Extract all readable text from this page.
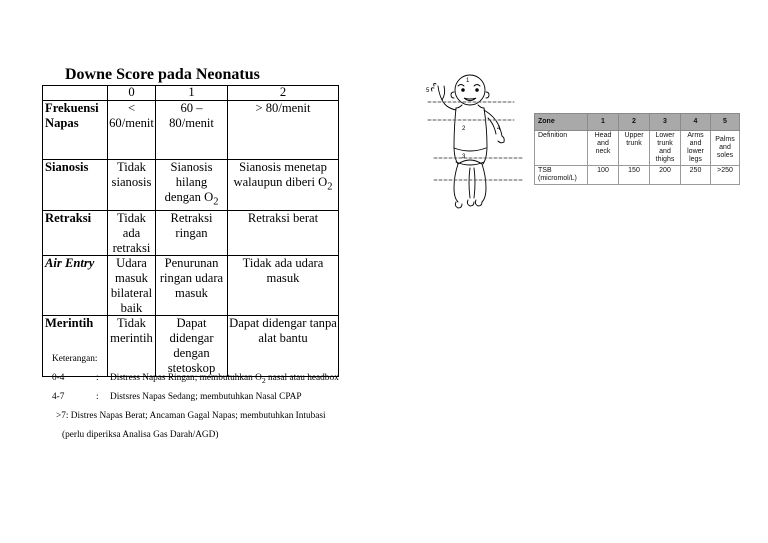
Downe Score pada Neonatus
	0	1	2
Frekuensi Napas	< 60/menit	60 – 80/menit	> 80/menit
Sianosis	Tidak sianosis	Sianosis hilang dengan $O_2$	Sianosis menetap walaupun diberi $O_2$
Retraksi	Tidak ada retraksi	Retraksi ringan	Retraksi berat
Air Entry	Udara masuk bilateral baik	Penurunan ringan udara masuk	Tidak ada udara masuk
Merintih	Tidak merintih	Dapat didengar dengan stetoskop	Dapat didengar tanpa alat bantu
Keterangan:
0-4	: Distress Napas Ringan; membutuhkan $O_2$ nasal atau headbox
4-7	: Distsres Napas Sedang; membutuhkan Nasal CPAP
>7: Distres Napas Berat; Ancaman Gagal Napas; membutuhkan Intubasi
(perlu diperiksa Analisa Gas Darah/AGD)
1
2
3
4
5
Zone	1	2	3	4	5
Definition	Head and neck	Upper trunk	Lower trunk and thighs	Arms and lower legs	Palms and soles
TSB (micromol/L)	100	150	200	250	>250
